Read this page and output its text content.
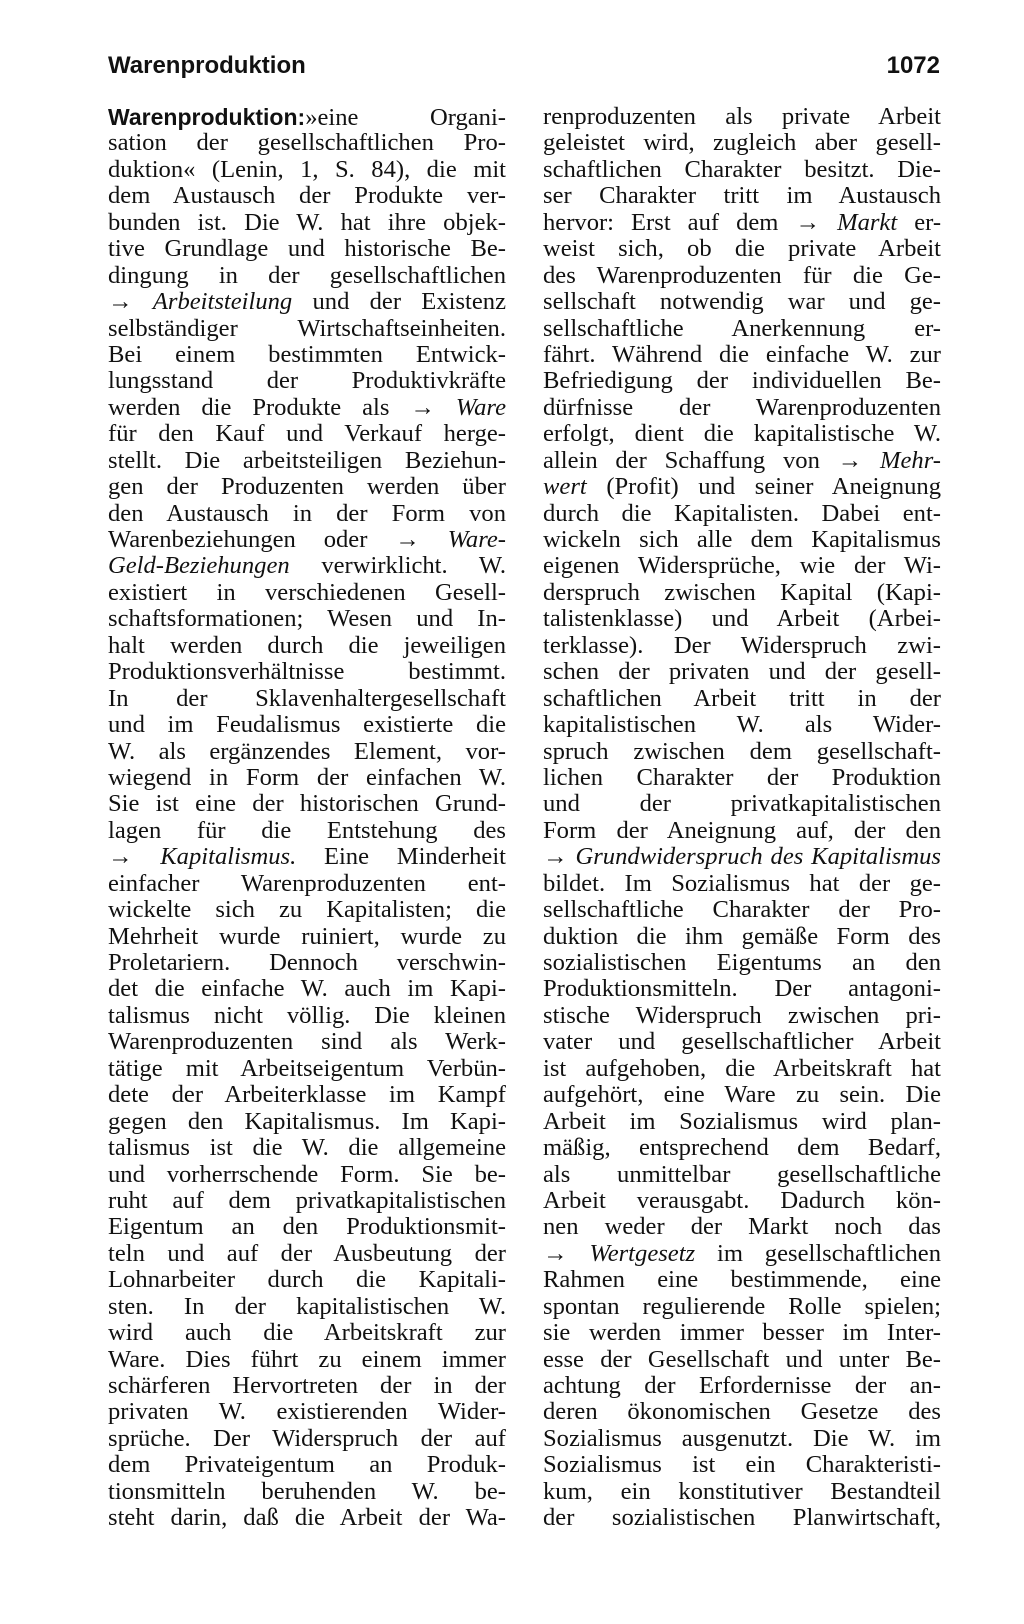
Warenproduktion	1072
Warenproduktion:»eine Organi-
sation der gesellschaftlichen Pro-
duktion« (Lenin, 1, S. 84), die mit
dem Austausch der Produkte ver-
bunden ist. Die W. hat ihre objek-
tive Grundlage und historische Be-
dingung in der gesellschaftlichen
→ Arbeitsteilung und der Existenz
selbständiger Wirtschaftseinheiten.
Bei einem bestimmten Entwick-
lungsstand der Produktivkräfte
werden die Produkte als → Ware
für den Kauf und Verkauf herge-
stellt. Die arbeitsteiligen Beziehun-
gen der Produzenten werden über
den Austausch in der Form von
Warenbeziehungen oder → Ware-
Geld-Beziehungen verwirklicht. W.
existiert in verschiedenen Gesell-
schaftsformationen; Wesen und In-
halt werden durch die jeweiligen
Produktionsverhältnisse bestimmt.
In der Sklavenhaltergesellschaft
und im Feudalismus existierte die
W. als ergänzendes Element, vor-
wiegend in Form der einfachen W.
Sie ist eine der historischen Grund-
lagen für die Entstehung des
→ Kapitalismus. Eine Minderheit
einfacher Warenproduzenten ent-
wickelte sich zu Kapitalisten; die
Mehrheit wurde ruiniert, wurde zu
Proletariern. Dennoch verschwin-
det die einfache W. auch im Kapi-
talismus nicht völlig. Die kleinen
Warenproduzenten sind als Werk-
tätige mit Arbeitseigentum Verbün-
dete der Arbeiterklasse im Kampf
gegen den Kapitalismus. Im Kapi-
talismus ist die W. die allgemeine
und vorherrschende Form. Sie be-
ruht auf dem privatkapitalistischen
Eigentum an den Produktionsmit-
teln und auf der Ausbeutung der
Lohnarbeiter durch die Kapitali-
sten. In der kapitalistischen W.
wird auch die Arbeitskraft zur
Ware. Dies führt zu einem immer
schärferen Hervortreten der in der
privaten W. existierenden Wider-
sprüche. Der Widerspruch der auf
dem Privateigentum an Produk-
tionsmitteln beruhenden W. be-
steht darin, daß die Arbeit der Wa-
renproduzenten als private Arbeit
geleistet wird, zugleich aber gesell-
schaftlichen Charakter besitzt. Die-
ser Charakter tritt im Austausch
hervor: Erst auf dem → Markt er-
weist sich, ob die private Arbeit
des Warenproduzenten für die Ge-
sellschaft notwendig war und ge-
sellschaftliche Anerkennung er-
fährt. Während die einfache W. zur
Befriedigung der individuellen Be-
dürfnisse der Warenproduzenten
erfolgt, dient die kapitalistische W.
allein der Schaffung von → Mehr-
wert (Profit) und seiner Aneignung
durch die Kapitalisten. Dabei ent-
wickeln sich alle dem Kapitalismus
eigenen Widersprüche, wie der Wi-
derspruch zwischen Kapital (Kapi-
talistenklasse) und Arbeit (Arbei-
terklasse). Der Widerspruch zwi-
schen der privaten und der gesell-
schaftlichen Arbeit tritt in der
kapitalistischen W. als Wider-
spruch zwischen dem gesellschaft-
lichen Charakter der Produktion
und der privatkapitalistischen
Form der Aneignung auf, der den
→ Grundwiderspruch des Kapitalismus
bildet. Im Sozialismus hat der ge-
sellschaftliche Charakter der Pro-
duktion die ihm gemäße Form des
sozialistischen Eigentums an den
Produktionsmitteln. Der antagoni-
stische Widerspruch zwischen pri-
vater und gesellschaftlicher Arbeit
ist aufgehoben, die Arbeitskraft hat
aufgehört, eine Ware zu sein. Die
Arbeit im Sozialismus wird plan-
mäßig, entsprechend dem Bedarf,
als unmittelbar gesellschaftliche
Arbeit verausgabt. Dadurch kön-
nen weder der Markt noch das
→ Wertgesetz im gesellschaftlichen
Rahmen eine bestimmende, eine
spontan regulierende Rolle spielen;
sie werden immer besser im Inter-
esse der Gesellschaft und unter Be-
achtung der Erfordernisse der an-
deren ökonomischen Gesetze des
Sozialismus ausgenutzt. Die W. im
Sozialismus ist ein Charakteristi-
kum, ein konstitutiver Bestandteil
der sozialistischen Planwirtschaft,
